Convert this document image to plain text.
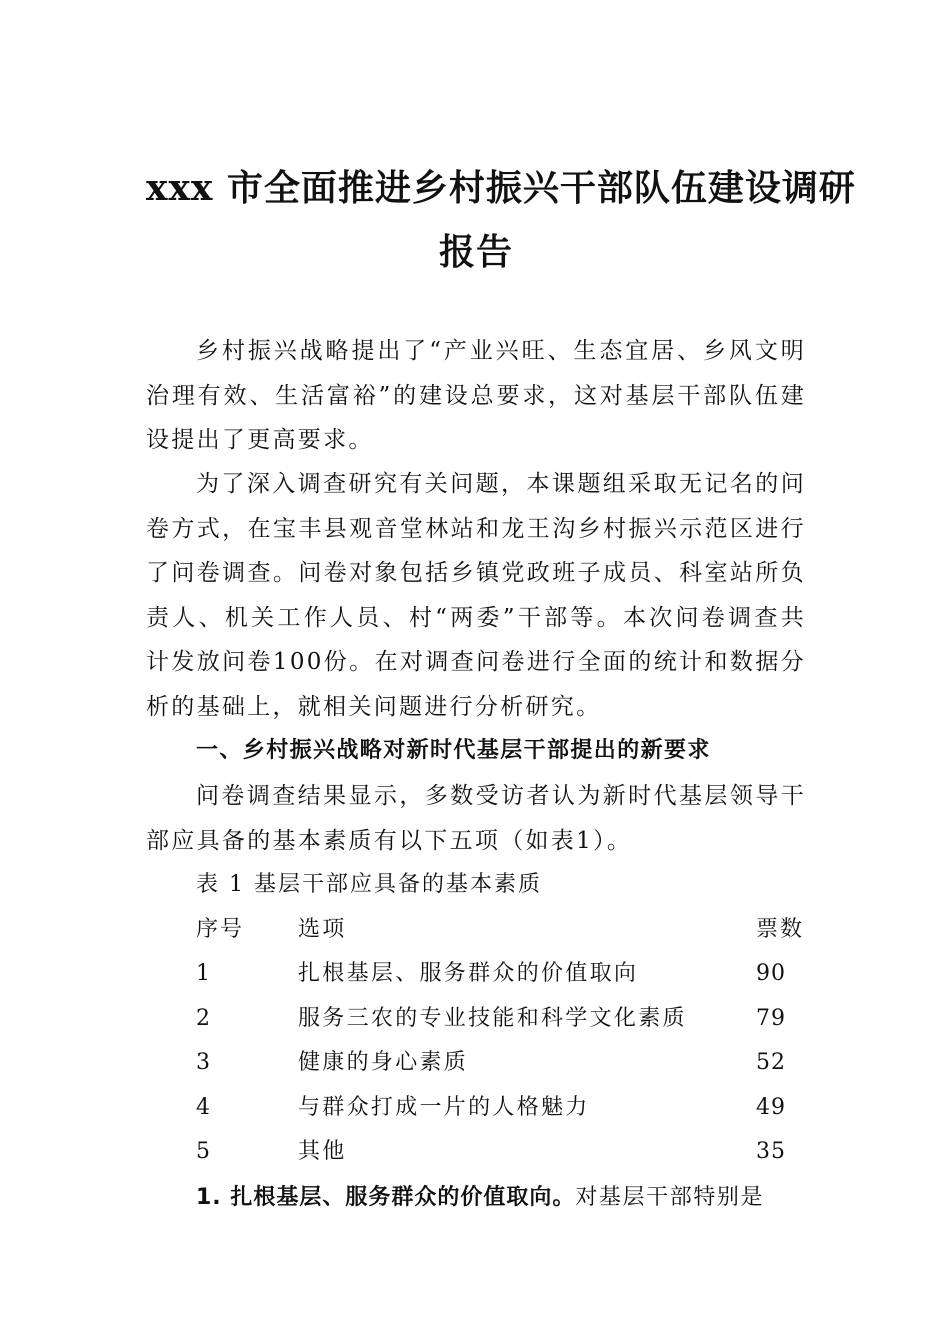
xxx 市全面推进乡村振兴干部队伍建设调研
报告

乡村振兴战略提出了“产业兴旺、生态宜居、乡风文明治理有效、生活富裕”的建设总要求，这对基层干部队伍建设提出了更高要求。

为了深入调查研究有关问题，本课题组采取无记名的问卷方式，在宝丰县观音堂林站和龙王沟乡村振兴示范区进行了问卷调查。问卷对象包括乡镇党政班子成员、科室站所负责人、机关工作人员、村“两委”干部等。本次问卷调查共计发放问卷100份。在对调查问卷进行全面的统计和数据分析的基础上，就相关问题进行分析研究。

一、乡村振兴战略对新时代基层干部提出的新要求

问卷调查结果显示，多数受访者认为新时代基层领导干部应具备的基本素质有以下五项（如表1）。

表 1 基层干部应具备的基本素质
序号 选项	票数
1	扎根基层、服务群众的价值取向	90
2	服务三农的专业技能和科学文化素质	79
3	健康的身心素质	52
4	与群众打成一片的人格魅力	49
5	其他	35
1. 扎根基层、服务群众的价值取向。对基层干部特别是
